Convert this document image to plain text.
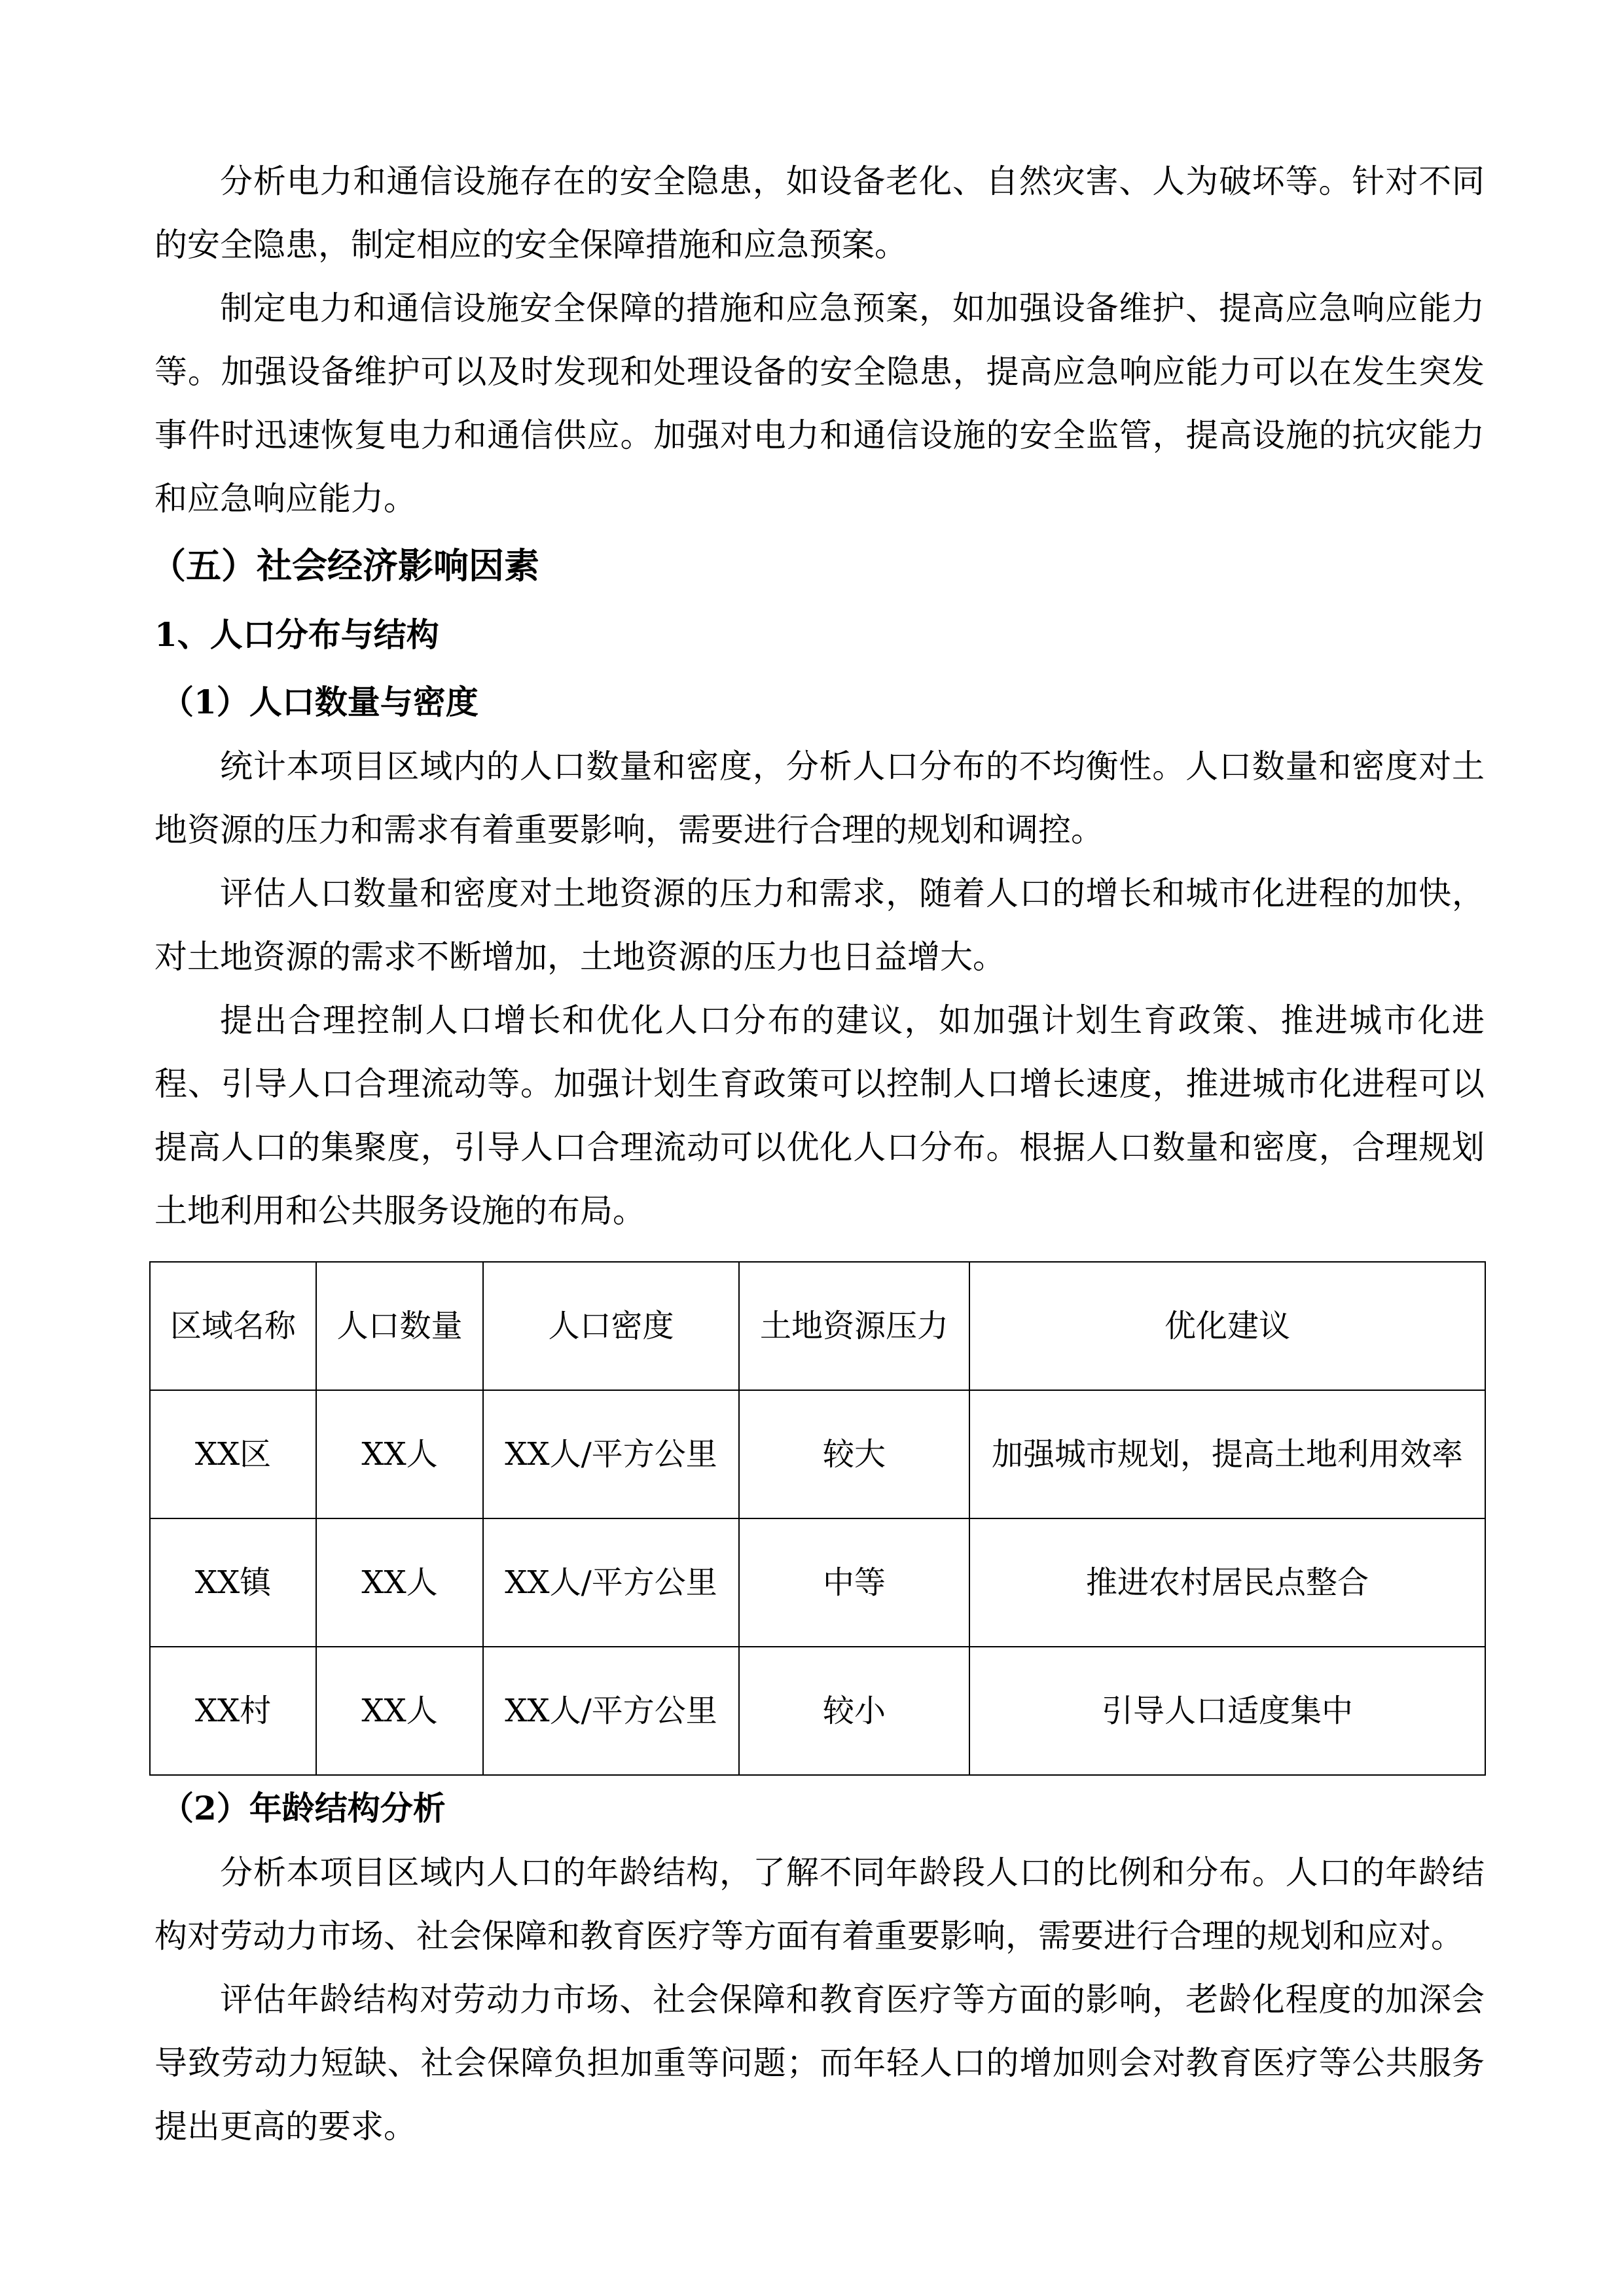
分析电力和通信设施存在的安全隐患，如设备老化、自然灾害、人为破坏等。针对不同的安全隐患，制定相应的安全保障措施和应急预案。

制定电力和通信设施安全保障的措施和应急预案，如加强设备维护、提高应急响应能力等。加强设备维护可以及时发现和处理设备的安全隐患，提高应急响应能力可以在发生突发事件时迅速恢复电力和通信供应。加强对电力和通信设施的安全监管，提高设施的抗灾能力和应急响应能力。

（五）社会经济影响因素
1、人口分布与结构
（1）人口数量与密度

统计本项目区域内的人口数量和密度，分析人口分布的不均衡性。人口数量和密度对土地资源的压力和需求有着重要影响，需要进行合理的规划和调控。

评估人口数量和密度对土地资源的压力和需求，随着人口的增长和城市化进程的加快，对土地资源的需求不断增加，土地资源的压力也日益增大。

提出合理控制人口增长和优化人口分布的建议，如加强计划生育政策、推进城市化进程、引导人口合理流动等。加强计划生育政策可以控制人口增长速度，推进城市化进程可以提高人口的集聚度，引导人口合理流动可以优化人口分布。根据人口数量和密度，合理规划土地利用和公共服务设施的布局。

区域名称	人口数量	人口密度	土地资源压力	优化建议
XX区	XX人	XX人/平方公里	较大	加强城市规划，提高土地利用效率
XX镇	XX人	XX人/平方公里	中等	推进农村居民点整合
XX村	XX人	XX人/平方公里	较小	引导人口适度集中
（2）年龄结构分析

分析本项目区域内人口的年龄结构，了解不同年龄段人口的比例和分布。人口的年龄结构对劳动力市场、社会保障和教育医疗等方面有着重要影响，需要进行合理的规划和应对。

评估年龄结构对劳动力市场、社会保障和教育医疗等方面的影响，老龄化程度的加深会导致劳动力短缺、社会保障负担加重等问题；而年轻人口的增加则会对教育医疗等公共服务提出更高的要求。
